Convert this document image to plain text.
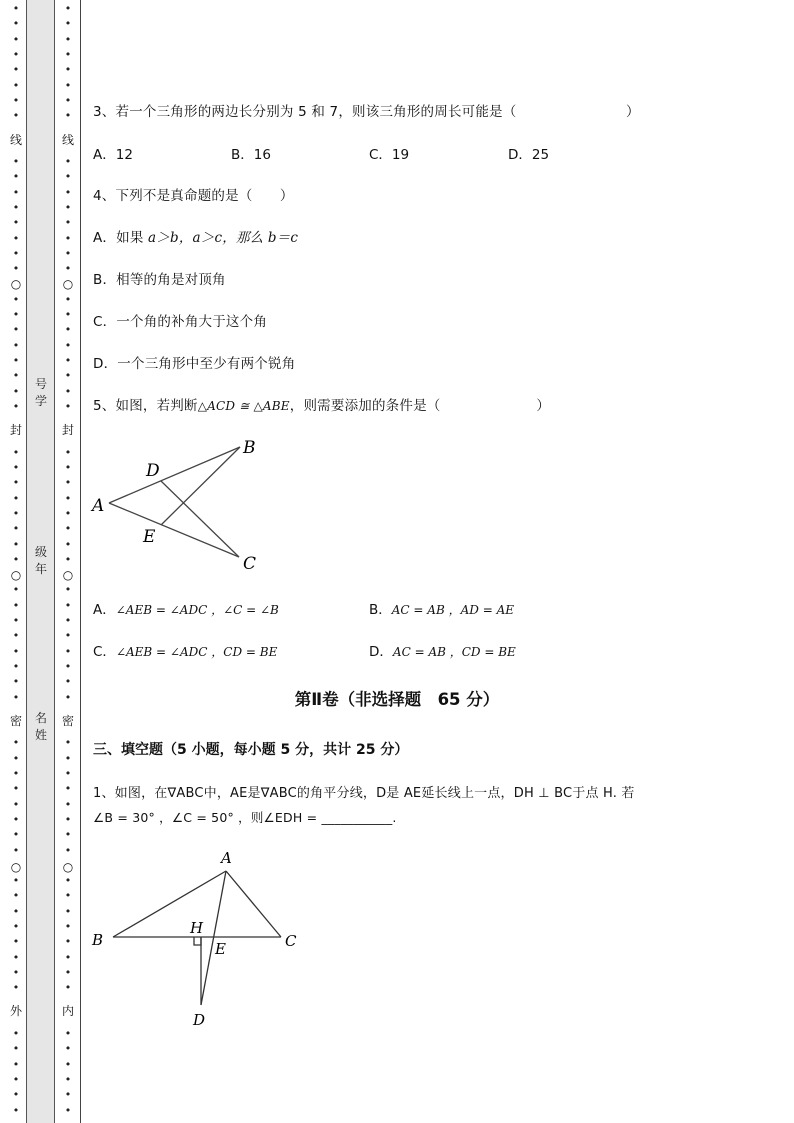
•
•
•
•
•
•
•
•
•
•
•
•
•
•
•
•
•
•
•
•
•
•
•
•
•
•
•
•
•
•
•
•
•
•
•
•
•
•
•
•
•
•
•
•
•
•
•
•
•
•
•
•
•
•
•
•
•
•
•
•
•
•
线
○
封
○
密
○
外
号学
级年
名姓
•
•
•
•
•
•
•
•
•
•
•
•
•
•
•
•
•
•
•
•
•
•
•
•
•
•
•
•
•
•
•
•
•
•
•
•
•
•
•
•
•
•
•
•
•
•
•
•
•
•
•
•
•
•
•
•
•
•
•
•
•
•
线
○
封
○
密
○
内
3、若一个三角形的两边长分别为 5 和 7，则该三角形的周长可能是（　　　　　　　　）
A．12	B．16	C．19	D．25
4、下列不是真命题的是（　　）
A．如果 a＞b，a＞c，那么 b＝c
B．相等的角是对顶角
C．一个角的补角大于这个角
D．一个三角形中至少有两个锐角
5、如图，若判断△ACD ≅ △ABE，则需要添加的条件是（　　　　　　　）
A
B
C
D
E
A．∠AEB = ∠ADC ，∠C = ∠B	B．AC = AB ，AD = AE
C．∠AEB = ∠ADC ，CD = BE	D．AC = AB ，CD = BE
第Ⅱ卷（非选择题　65 分）
三、填空题（5 小题，每小题 5 分，共计 25 分）
1、如图，在∇ABC中，AE是∇ABC的角平分线，D是 AE延长线上一点，DH ⊥ BC于点 H. 若
∠B = 30° ，∠C = 50° ，则∠EDH = ___________.
A
B	C
H
E
D
